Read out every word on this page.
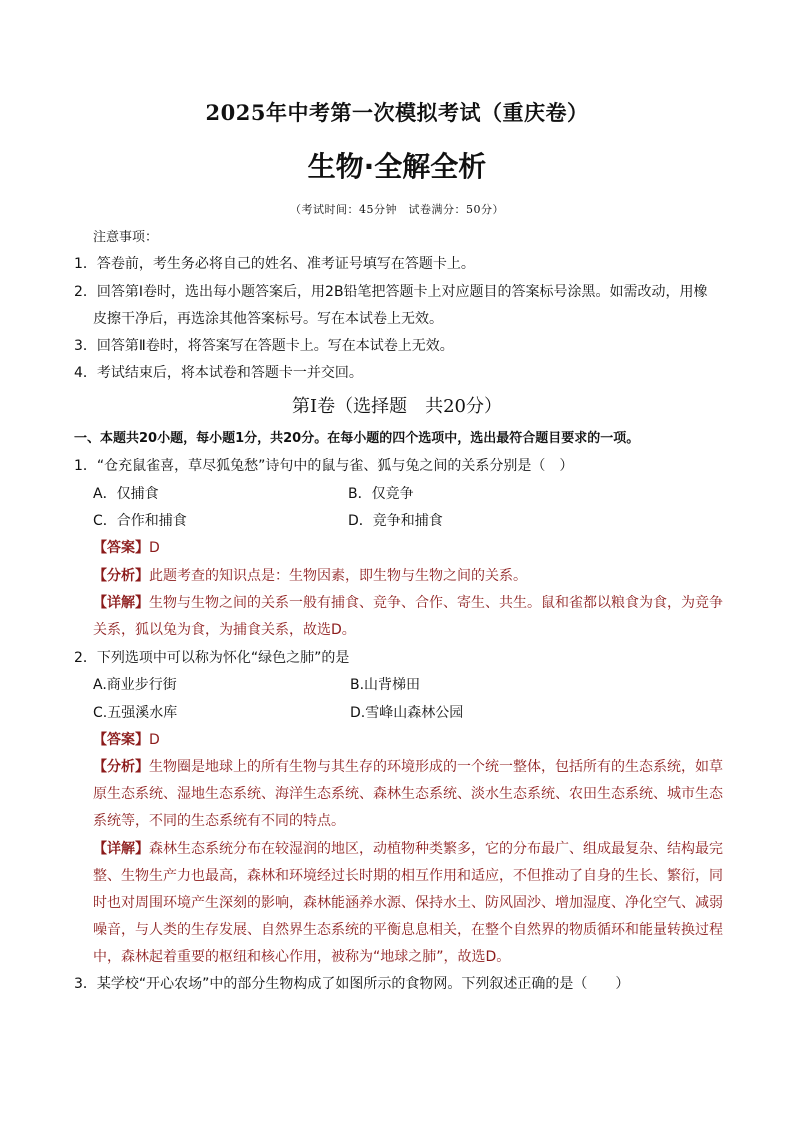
2025年中考第一次模拟考试（重庆卷）
生物·全解全析
（考试时间：45分钟　试卷满分：50分）
注意事项：
1．答卷前，考生务必将自己的姓名、准考证号填写在答题卡上。
2．回答第Ⅰ卷时，选出每小题答案后，用2B铅笔把答题卡上对应题目的答案标号涂黑。如需改动，用橡
皮擦干净后，再选涂其他答案标号。写在本试卷上无效。
3．回答第Ⅱ卷时，将答案写在答题卡上。写在本试卷上无效。
4．考试结束后，将本试卷和答题卡一并交回。
第Ⅰ卷（选择题　共20分）
一、本题共20小题，每小题1分，共20分。在每小题的四个选项中，选出最符合题目要求的一项。
1．“仓充鼠雀喜，草尽狐兔愁”诗句中的鼠与雀、狐与兔之间的关系分别是（　）
A．仅捕食	B．仅竞争
C．合作和捕食	D．竞争和捕食
【答案】D
【分析】此题考查的知识点是：生物因素，即生物与生物之间的关系。
【详解】生物与生物之间的关系一般有捕食、竞争、合作、寄生、共生。鼠和雀都以粮食为食，为竞争
关系，狐以兔为食，为捕食关系，故选D。
2．下列选项中可以称为怀化“绿色之肺”的是
A.商业步行街	B.山背梯田
C.五强溪水库	D.雪峰山森林公园
【答案】D
【分析】生物圈是地球上的所有生物与其生存的环境形成的一个统一整体，包括所有的生态系统，如草
原生态系统、湿地生态系统、海洋生态系统、森林生态系统、淡水生态系统、农田生态系统、城市生态
系统等，不同的生态系统有不同的特点。
【详解】森林生态系统分布在较湿润的地区，动植物种类繁多，它的分布最广、组成最复杂、结构最完
整、生物生产力也最高，森林和环境经过长时期的相互作用和适应，不但推动了自身的生长、繁衍，同
时也对周围环境产生深刻的影响，森林能涵养水源、保持水土、防风固沙、增加湿度、净化空气、减弱
噪音，与人类的生存发展、自然界生态系统的平衡息息相关，在整个自然界的物质循环和能量转换过程
中，森林起着重要的枢纽和核心作用，被称为“地球之肺”，故选D。
3．某学校“开心农场”中的部分生物构成了如图所示的食物网。下列叙述正确的是（　　）
